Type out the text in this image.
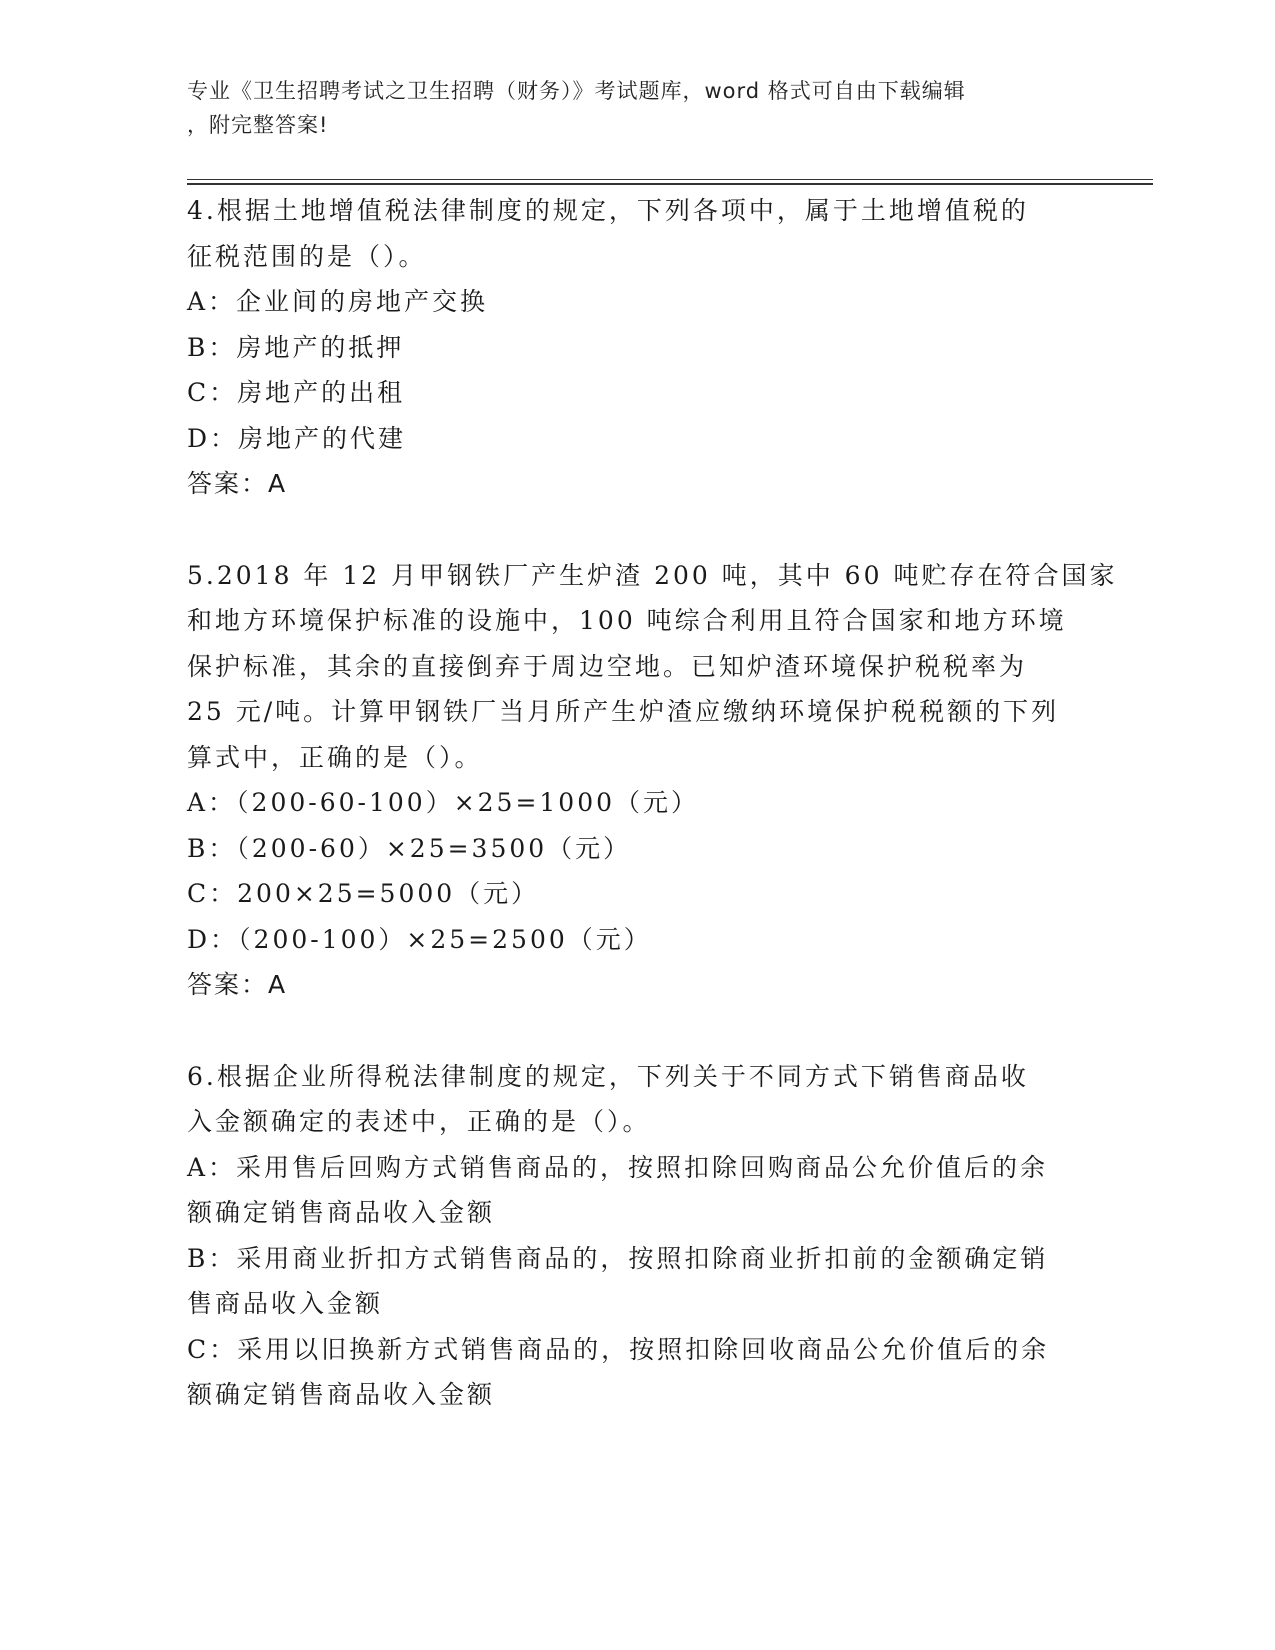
专业《卫生招聘考试之卫生招聘（财务）》考试题库，word 格式可自由下载编辑
，附完整答案!
4.根据土地增值税法律制度的规定，下列各项中，属于土地增值税的
征税范围的是（）。
A：企业间的房地产交换
B：房地产的抵押
C：房地产的出租
D：房地产的代建
答案：A
5.2018 年 12 月甲钢铁厂产生炉渣 200 吨，其中 60 吨贮存在符合国家
和地方环境保护标准的设施中，100 吨综合利用且符合国家和地方环境
保护标准，其余的直接倒弃于周边空地。已知炉渣环境保护税税率为
25 元/吨。计算甲钢铁厂当月所产生炉渣应缴纳环境保护税税额的下列
算式中，正确的是（）。
A：（200-60-100）×25=1000（元）
B：（200-60）×25=3500（元）
C：200×25=5000（元）
D：（200-100）×25=2500（元）
答案：A
6.根据企业所得税法律制度的规定，下列关于不同方式下销售商品收
入金额确定的表述中，正确的是（）。
A：采用售后回购方式销售商品的，按照扣除回购商品公允价值后的余
额确定销售商品收入金额
B：采用商业折扣方式销售商品的，按照扣除商业折扣前的金额确定销
售商品收入金额
C：采用以旧换新方式销售商品的，按照扣除回收商品公允价值后的余
额确定销售商品收入金额
